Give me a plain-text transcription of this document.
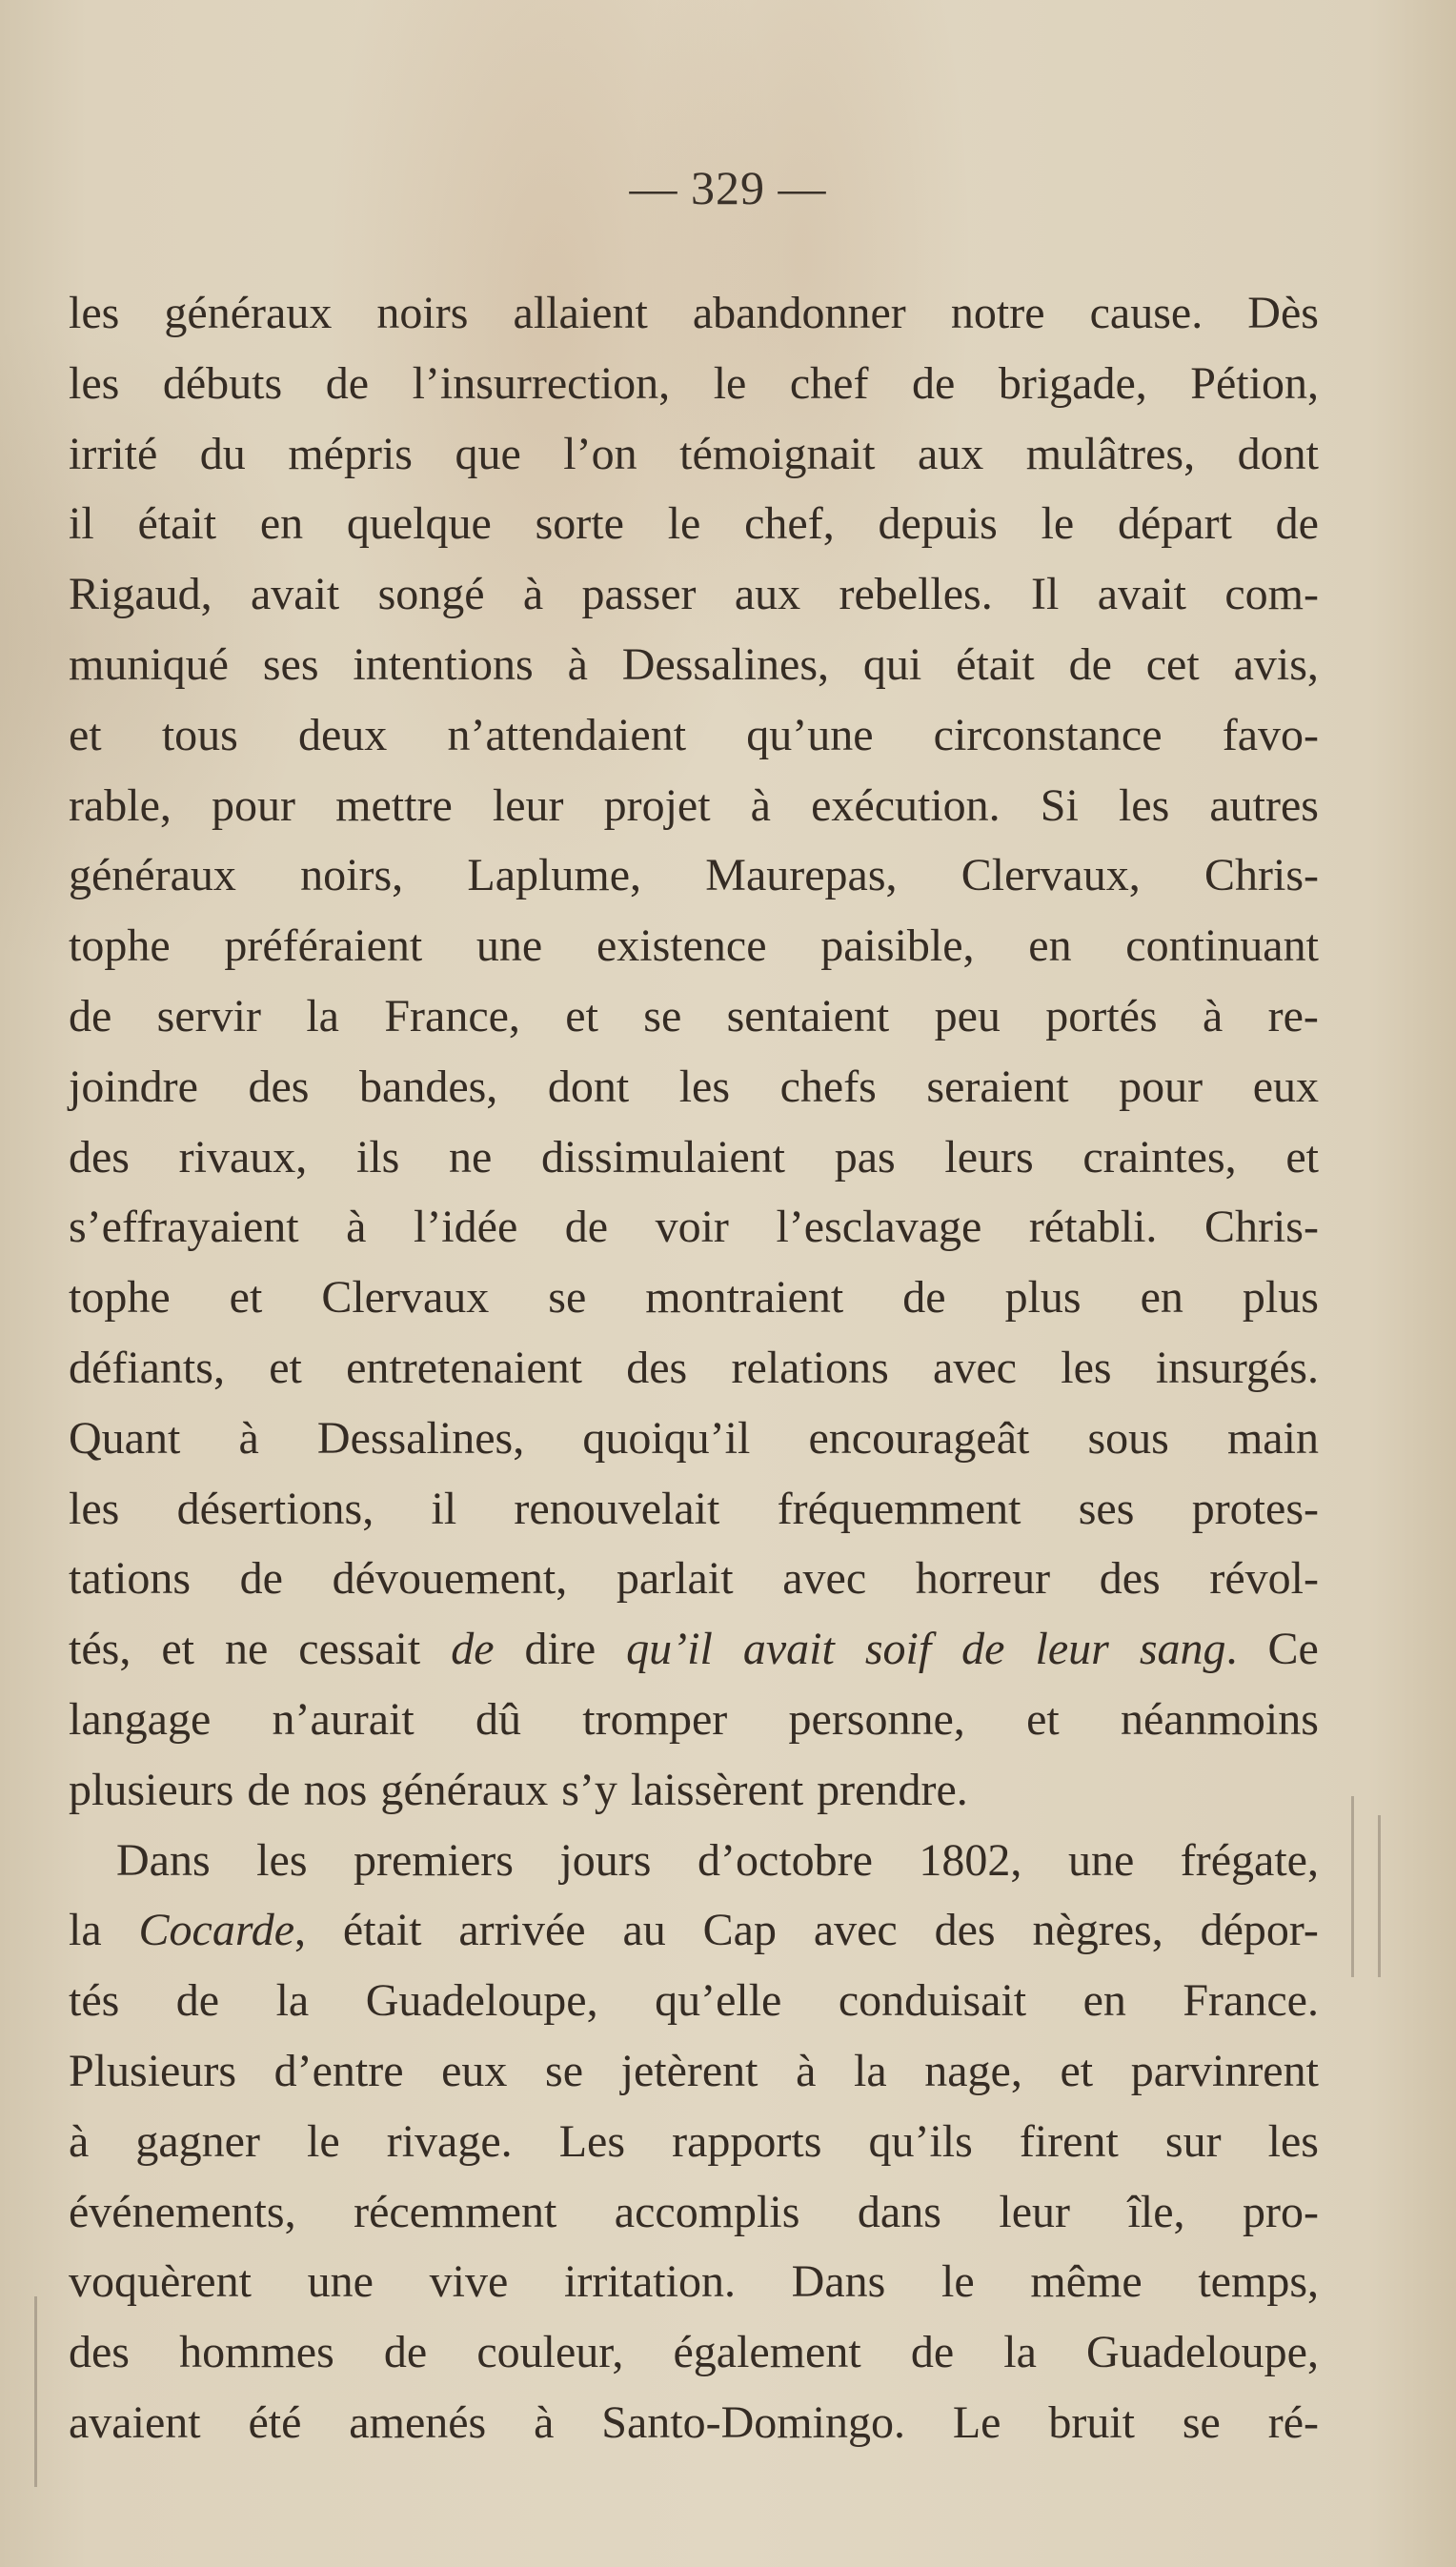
— 329 —
les généraux noirs allaient abandonner notre cause. Dès
les débuts de l’insurrection, le chef de brigade, Pétion,
irrité du mépris que l’on témoignait aux mulâtres, dont
il était en quelque sorte le chef, depuis le départ de
Rigaud, avait songé à passer aux rebelles. Il avait com-
muniqué ses intentions à Dessalines, qui était de cet avis,
et tous deux n’attendaient qu’une circonstance favo-
rable, pour mettre leur projet à exécution. Si les autres
généraux noirs, Laplume, Maurepas, Clervaux, Chris-
tophe préféraient une existence paisible, en continuant
de servir la France, et se sentaient peu portés à re-
joindre des bandes, dont les chefs seraient pour eux
des rivaux, ils ne dissimulaient pas leurs craintes, et
s’effrayaient à l’idée de voir l’esclavage rétabli. Chris-
tophe et Clervaux se montraient de plus en plus
défiants, et entretenaient des relations avec les insurgés.
Quant à Dessalines, quoiqu’il encourageât sous main
les désertions, il renouvelait fréquemment ses protes-
tations de dévouement, parlait avec horreur des révol-
tés, et ne cessait de dire qu’il avait soif de leur sang. Ce
langage n’aurait dû tromper personne, et néanmoins
plusieurs de nos généraux s’y laissèrent prendre.
Dans les premiers jours d’octobre 1802, une frégate,
la Cocarde, était arrivée au Cap avec des nègres, dépor-
tés de la Guadeloupe, qu’elle conduisait en France.
Plusieurs d’entre eux se jetèrent à la nage, et parvinrent
à gagner le rivage. Les rapports qu’ils firent sur les
événements, récemment accomplis dans leur île, pro-
voquèrent une vive irritation. Dans le même temps,
des hommes de couleur, également de la Guadeloupe,
avaient été amenés à Santo-Domingo. Le bruit se ré-
